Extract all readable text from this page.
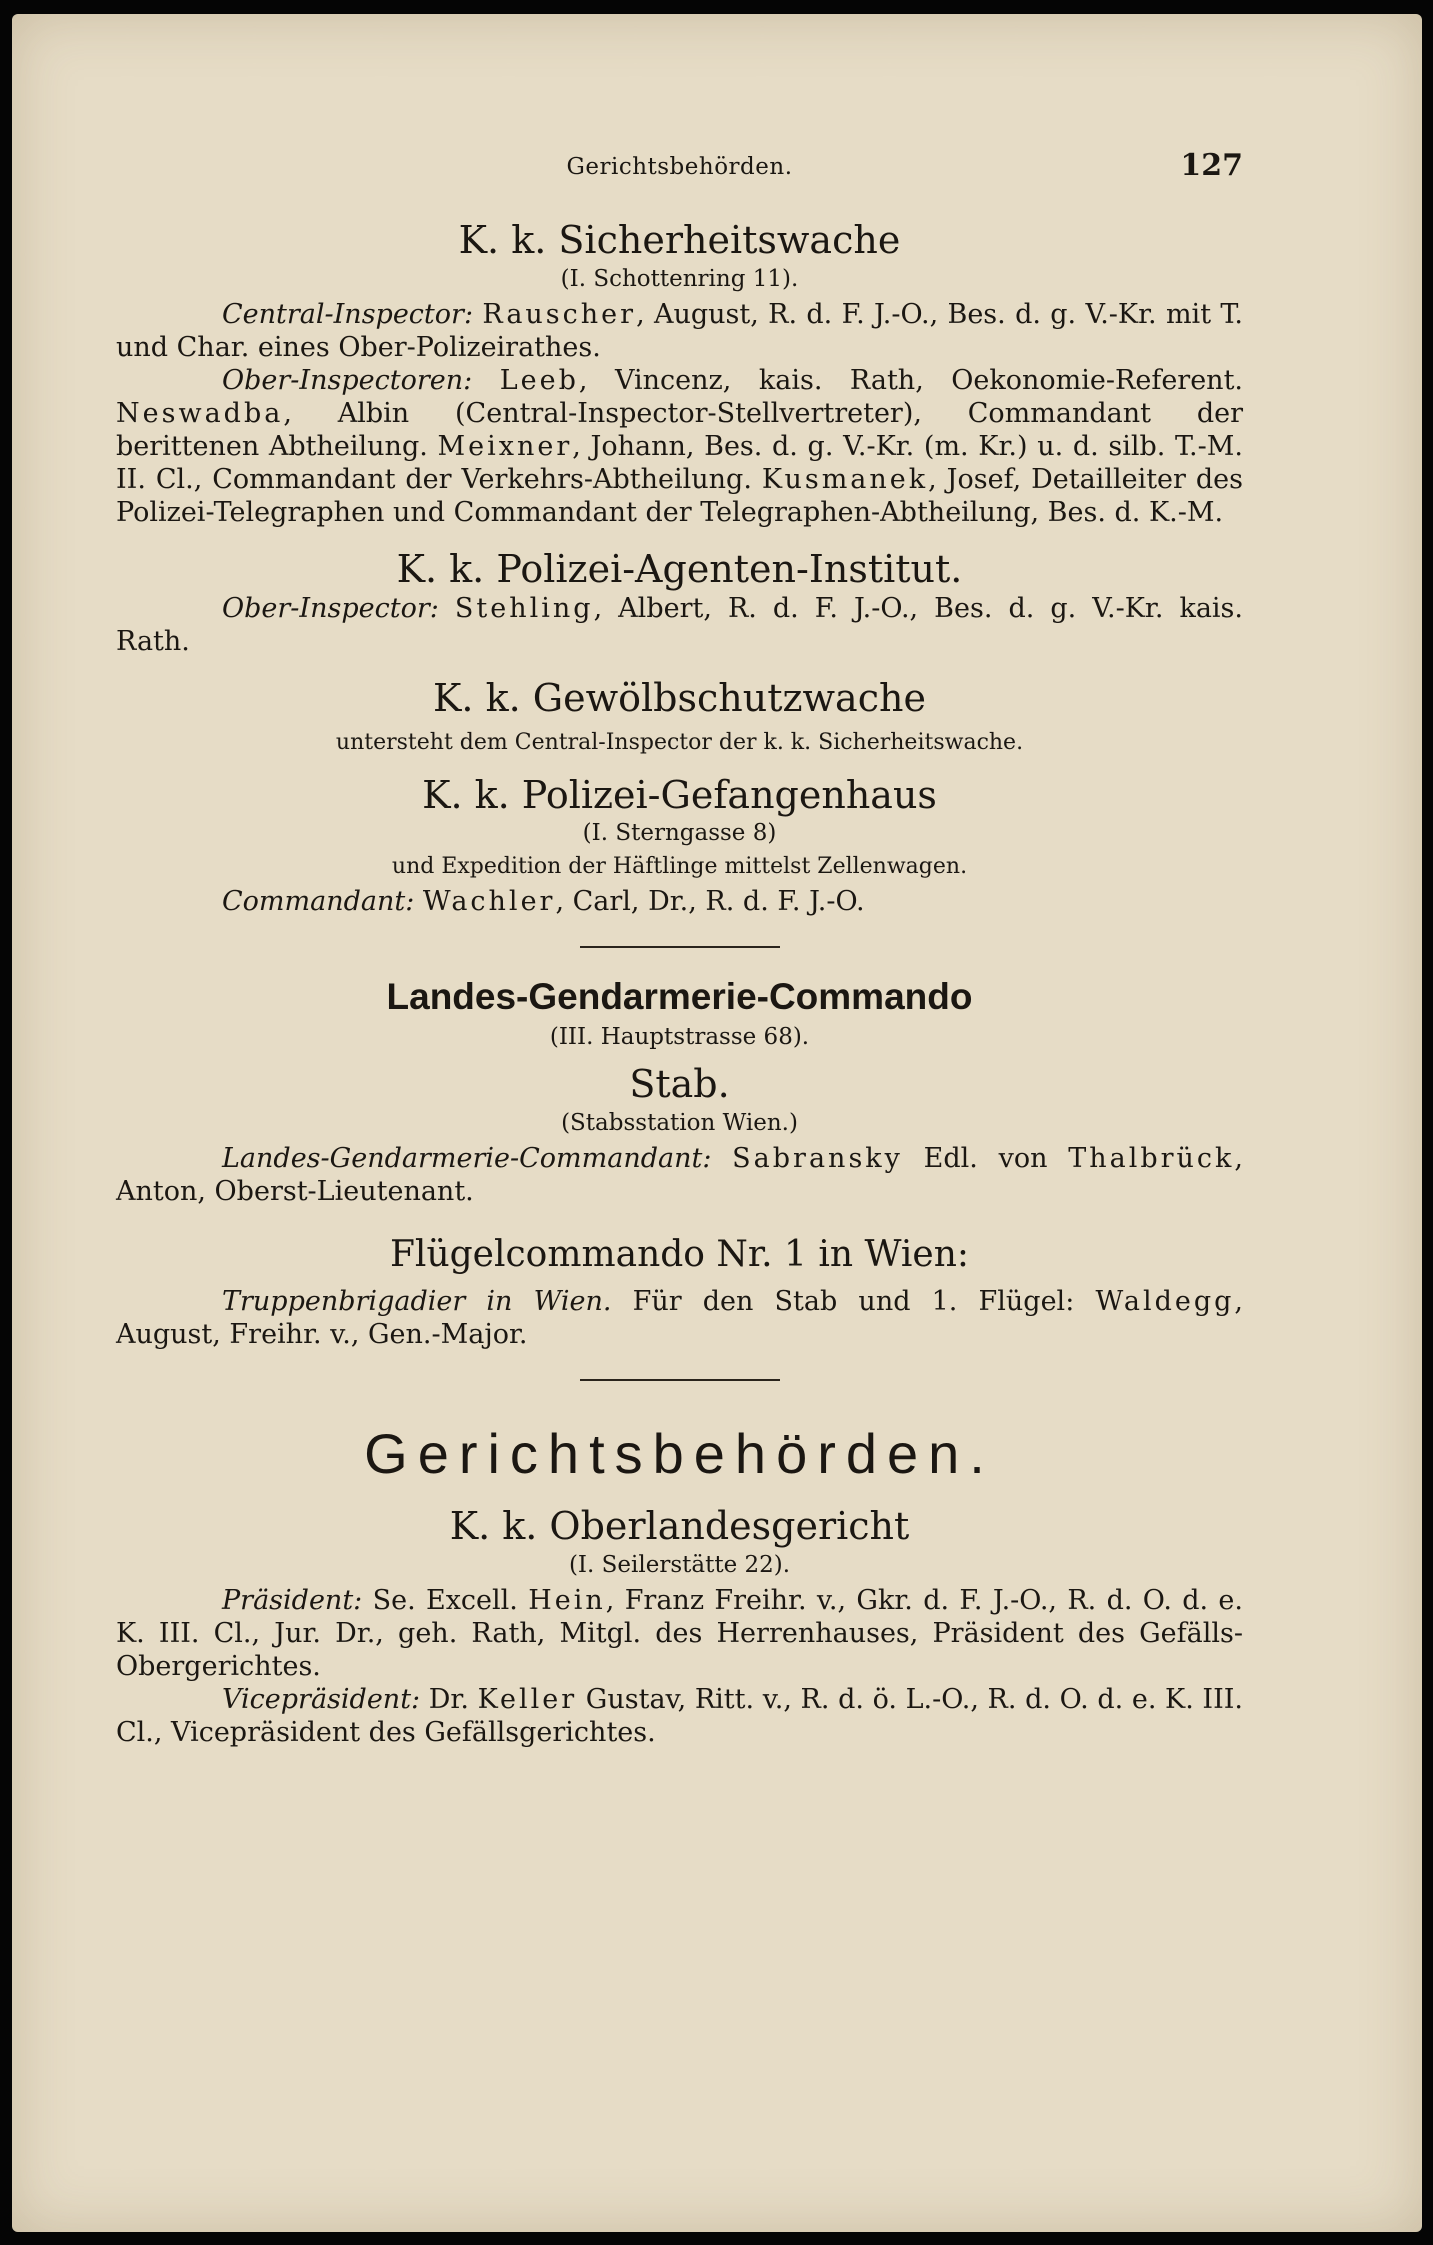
Gerichtsbehörden.	127
K. k. Sicherheitswache
(I. Schottenring 11).

Central-Inspector: Rauscher, August, R. d. F. J.-O., Bes. d. g. V.-Kr. mit T. und Char. eines Ober-Polizeirathes.

Ober-Inspectoren: Leeb, Vincenz, kais. Rath, Oekonomie-Referent. Neswadba, Albin (Central-Inspector-Stellvertreter), Commandant der berittenen Abtheilung. Meixner, Johann, Bes. d. g. V.-Kr. (m. Kr.) u. d. silb. T.-M. II. Cl., Commandant der Verkehrs-Abtheilung. Kusmanek, Josef, Detailleiter des Polizei-Telegraphen und Commandant der Telegraphen-Abtheilung, Bes. d. K.-M.

K. k. Polizei-Agenten-Institut.

Ober-Inspector: Stehling, Albert, R. d. F. J.-O., Bes. d. g. V.-Kr. kais. Rath.

K. k. Gewölbschutzwache
untersteht dem Central-Inspector der k. k. Sicherheitswache.
K. k. Polizei-Gefangenhaus
(I. Sterngasse 8)
und Expedition der Häftlinge mittelst Zellenwagen.

Commandant: Wachler, Carl, Dr., R. d. F. J.-O.

Landes-Gendarmerie-Commando
(III. Hauptstrasse 68).
Stab.
(Stabsstation Wien.)

Landes-Gendarmerie-Commandant: Sabransky Edl. von Thalbrück, Anton, Oberst-Lieutenant.

Flügelcommando Nr. 1 in Wien:

Truppenbrigadier in Wien. Für den Stab und 1. Flügel: Waldegg, August, Freihr. v., Gen.-Major.

Gerichtsbehörden.
K. k. Oberlandesgericht
(I. Seilerstätte 22).

Präsident: Se. Excell. Hein, Franz Freihr. v., Gkr. d. F. J.-O., R. d. O. d. e. K. III. Cl., Jur. Dr., geh. Rath, Mitgl. des Herrenhauses, Präsident des Gefälls-Obergerichtes.

Vicepräsident: Dr. Keller Gustav, Ritt. v., R. d. ö. L.-O., R. d. O. d. e. K. III. Cl., Vicepräsident des Gefällsgerichtes.
